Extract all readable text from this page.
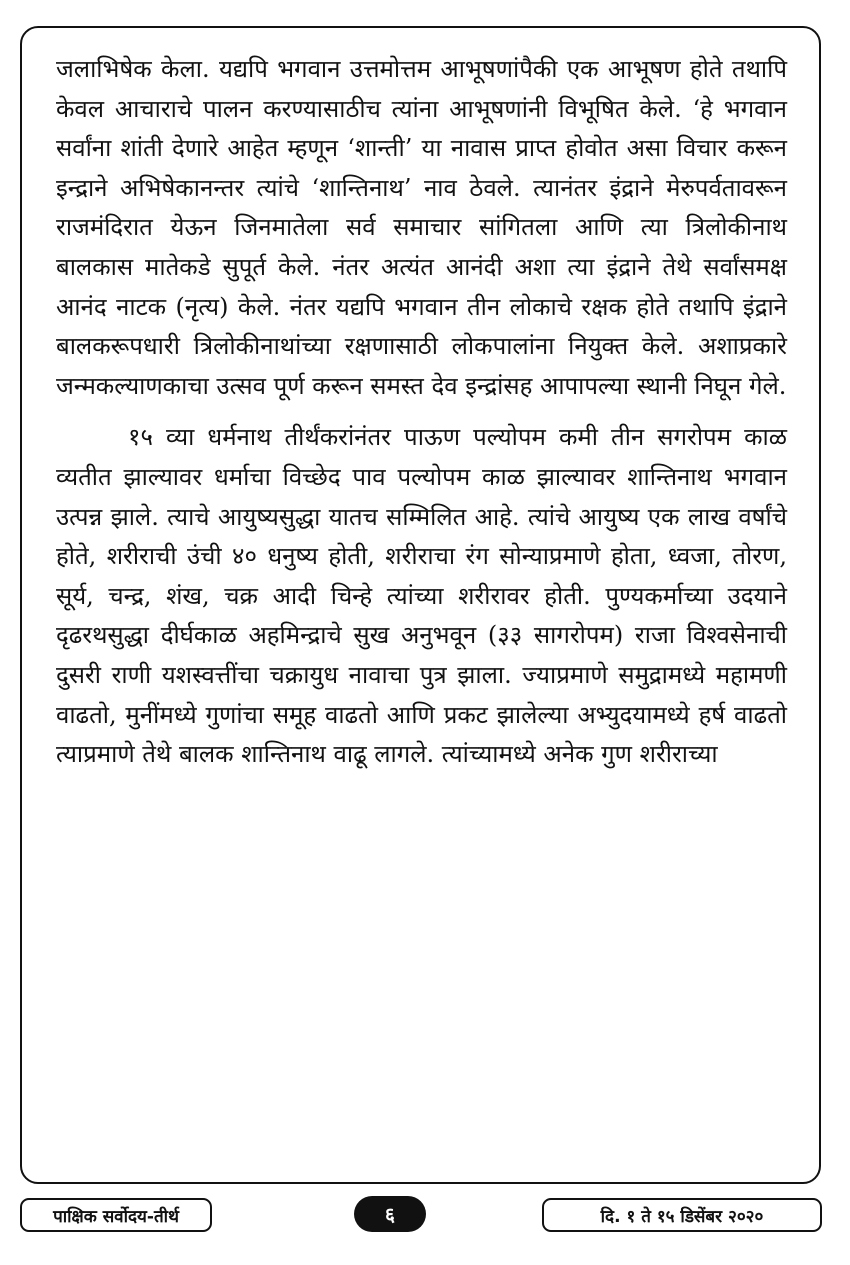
जलाभिषेक केला. यद्यपि भगवान उत्तमोत्तम आभूषणांपैकी एक आभूषण होते तथापि केवल आचाराचे पालन करण्यासाठीच त्यांना आभूषणांनी विभूषित केले. ‘हे भगवान सर्वांना शांती देणारे आहेत म्हणून ‘शान्ती’ या नावास प्राप्त होवोत असा विचार करून इन्द्राने अभिषेकानन्तर त्यांचे ‘शान्तिनाथ’ नाव ठेवले. त्यानंतर इंद्राने मेरुपर्वतावरून राजमंदिरात येऊन जिनमातेला सर्व समाचार सांगितला आणि त्या त्रिलोकीनाथ बालकास मातेकडे सुपूर्त केले. नंतर अत्यंत आनंदी अशा त्या इंद्राने तेथे सर्वांसमक्ष आनंद नाटक (नृत्य) केले. नंतर यद्यपि भगवान तीन लोकाचे रक्षक होते तथापि इंद्राने बालकरूपधारी त्रिलोकीनाथांच्या रक्षणासाठी लोकपालांना नियुक्त केले. अशाप्रकारे जन्मकल्याणकाचा उत्सव पूर्ण करून समस्त देव इन्द्रांसह आपापल्या स्थानी निघून गेले.

१५ व्या धर्मनाथ तीर्थंकरांनंतर पाऊण पल्योपम कमी तीन सगरोपम काळ व्यतीत झाल्यावर धर्माचा विच्छेद पाव पल्योपम काळ झाल्यावर शान्तिनाथ भगवान उत्पन्न झाले. त्याचे आयुष्यसुद्धा यातच सम्मिलित आहे. त्यांचे आयुष्य एक लाख वर्षांचे होते, शरीराची उंची ४० धनुष्य होती, शरीराचा रंग सोन्याप्रमाणे होता, ध्वजा, तोरण, सूर्य, चन्द्र, शंख, चक्र आदी चिन्हे त्यांच्या शरीरावर होती. पुण्यकर्माच्या उदयाने दृढरथसुद्धा दीर्घकाळ अहमिन्द्राचे सुख अनुभवून (३३ सागरोपम) राजा विश्वसेनाची दुसरी राणी यशस्वत्तींचा चक्रायुध नावाचा पुत्र झाला. ज्याप्रमाणे समुद्रामध्ये महामणी वाढतो, मुनींमध्ये गुणांचा समूह वाढतो आणि प्रकट झालेल्या अभ्युदयामध्ये हर्ष वाढतो त्याप्रमाणे तेथे बालक शान्तिनाथ वाढू लागले. त्यांच्यामध्ये अनेक गुण शरीराच्या

पाक्षिक सर्वोदय-तीर्थ	६	दि. १ ते १५ डिसेंबर २०२०
